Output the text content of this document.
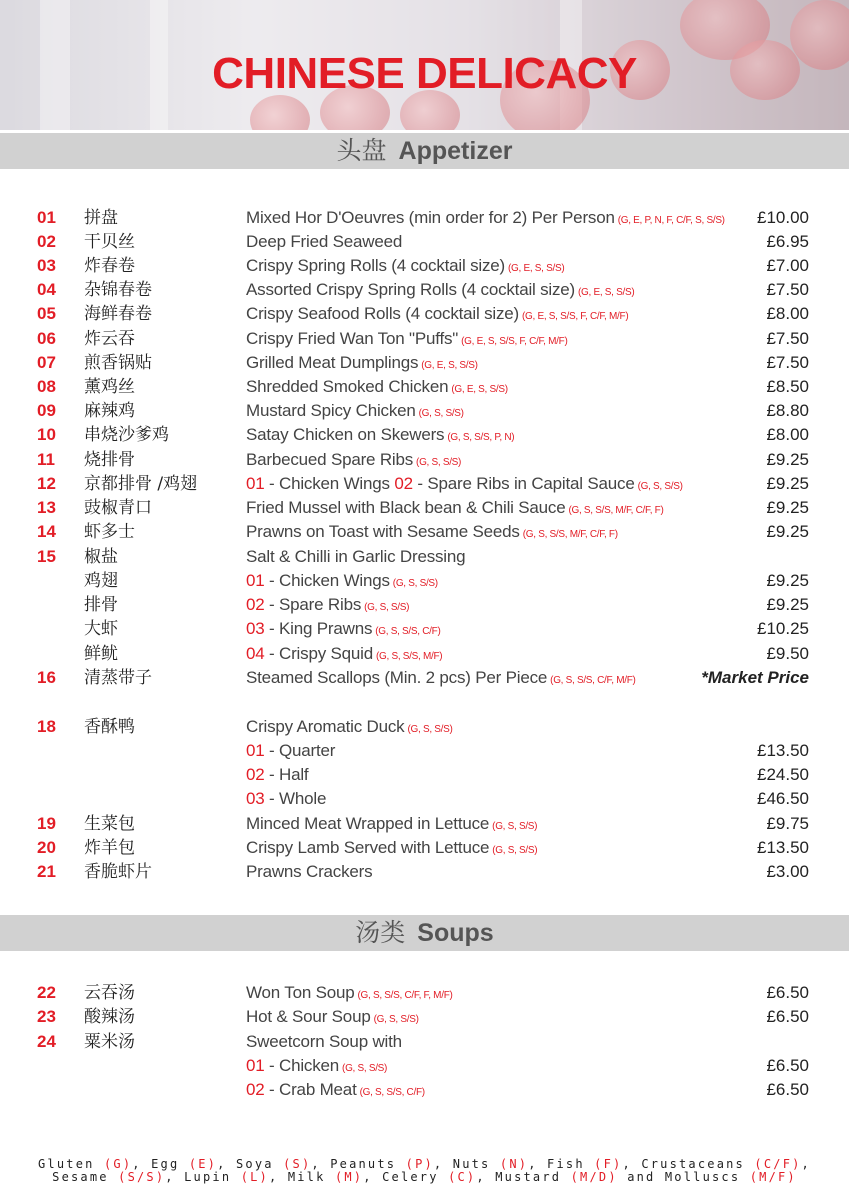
CHINESE DELICACY
头盘 Appetizer
汤类 Soups
01 拼盘	Mixed Hor D'Oeuvres (min order for 2) Per Person (G, E, P, N, F, C/F, S, S/S) £10.00
02 干贝丝	Deep Fried Seaweed	£6.95
03 炸春卷	Crispy Spring Rolls (4 cocktail size) (G, E, S, S/S)	£7.00
04 杂锦春卷	Assorted Crispy Spring Rolls (4 cocktail size) (G, E, S, S/S)	£7.50
05 海鲜春卷	Crispy Seafood Rolls (4 cocktail size) (G, E, S, S/S, F, C/F, M/F)	£8.00
06 炸云吞	Crispy Fried Wan Ton "Puffs" (G, E, S, S/S, F, C/F, M/F)	£7.50
07 煎香锅贴	Grilled Meat Dumplings (G, E, S, S/S)	£7.50
08 薰鸡丝	Shredded Smoked Chicken (G, E, S, S/S)	£8.50
09 麻辣鸡	Mustard Spicy Chicken (G, S, S/S)	£8.80
10 串烧沙爹鸡	Satay Chicken on Skewers (G, S, S/S, P, N)	£8.00
11 烧排骨	Barbecued Spare Ribs (G, S, S/S)	£9.25
12 京都排骨 /鸡翅	01 - Chicken Wings 02 - Spare Ribs in Capital Sauce (G, S, S/S)	£9.25
13 豉椒青口	Fried Mussel with Black bean & Chili Sauce (G, S, S/S, M/F, C/F, F)	£9.25
14 虾多士	Prawns on Toast with Sesame Seeds (G, S, S/S, M/F, C/F, F)	£9.25
15 椒盐	Salt & Chilli in Garlic Dressing
鸡翅	01 - Chicken Wings (G, S, S/S)	£9.25
排骨	02 - Spare Ribs (G, S, S/S)	£9.25
大虾	03 - King Prawns (G, S, S/S, C/F)	£10.25
鲜鱿	04 - Crispy Squid (G, S, S/S, M/F)	£9.50
16 清蒸带子	Steamed Scallops (Min. 2 pcs) Per Piece (G, S, S/S, C/F, M/F)	*Market Price
18 香酥鸭	Crispy Aromatic Duck (G, S, S/S)
01 - Quarter	£13.50
02 - Half	£24.50
03 - Whole	£46.50
19 生菜包	Minced Meat Wrapped in Lettuce (G, S, S/S)	£9.75
20 炸羊包	Crispy Lamb Served with Lettuce (G, S, S/S)	£13.50
21 香脆虾片	Prawns Crackers	£3.00
22 云吞汤	Won Ton Soup (G, S, S/S, C/F, F, M/F)	£6.50
23 酸辣汤	Hot & Sour Soup (G, S, S/S)	£6.50
24 粟米汤	Sweetcorn Soup with
01 - Chicken (G, S, S/S)	£6.50
02 - Crab Meat (G, S, S/S, C/F)	£6.50
Gluten (G), Egg (E), Soya (S), Peanuts (P), Nuts (N), Fish (F), Crustaceans (C/F),
Sesame (S/S), Lupin (L), Milk (M), Celery (C), Mustard (M/D) and Molluscs (M/F)
